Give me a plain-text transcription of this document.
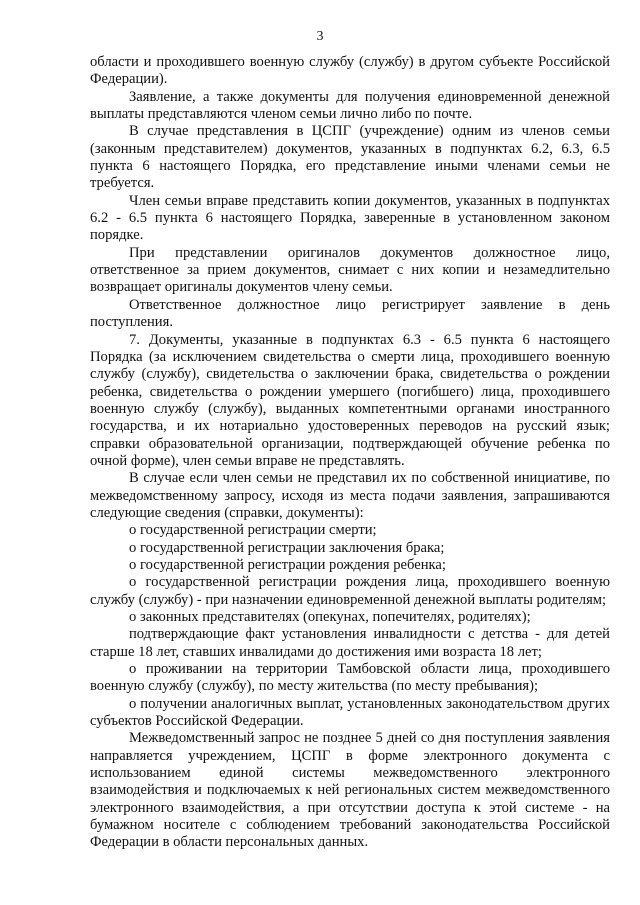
3

области и проходившего военную службу (службу) в другом субъекте Российской Федерации).

Заявление, а также документы для получения единовременной денежной выплаты представляются членом семьи лично либо по почте.

В случае представления в ЦСПГ (учреждение) одним из членов семьи (законным представителем) документов, указанных в подпунктах 6.2, 6.3, 6.5 пункта 6 настоящего Порядка, его представление иными членами семьи не требуется.

Член семьи вправе представить копии документов, указанных в подпунктах 6.2 - 6.5 пункта 6 настоящего Порядка, заверенные в установленном законом порядке.

При представлении оригиналов документов должностное лицо, ответственное за прием документов, снимает с них копии и незамедлительно возвращает оригиналы документов члену семьи.

Ответственное должностное лицо регистрирует заявление в день поступления.

7. Документы, указанные в подпунктах 6.3 - 6.5 пункта 6 настоящего Порядка (за исключением свидетельства о смерти лица, проходившего военную службу (службу), свидетельства о заключении брака, свидетельства о рождении ребенка, свидетельства о рождении умершего (погибшего) лица, проходившего военную службу (службу), выданных компетентными органами иностранного государства, и их нотариально удостоверенных переводов на русский язык; справки образовательной организации, подтверждающей обучение ребенка по очной форме), член семьи вправе не представлять.

В случае если член семьи не представил их по собственной инициативе, по межведомственному запросу, исходя из места подачи заявления, запрашиваются следующие сведения (справки, документы):

о государственной регистрации смерти;

о государственной регистрации заключения брака;

о государственной регистрации рождения ребенка;

о государственной регистрации рождения лица, проходившего военную службу (службу) - при назначении единовременной денежной выплаты родителям;

о законных представителях (опекунах, попечителях, родителях);

подтверждающие факт установления инвалидности с детства - для детей старше 18 лет, ставших инвалидами до достижения ими возраста 18 лет;

о проживании на территории Тамбовской области лица, проходившего военную службу (службу), по месту жительства (по месту пребывания);

о получении аналогичных выплат, установленных законодательством других субъектов Российской Федерации.

Межведомственный запрос не позднее 5 дней со дня поступления заявления направляется учреждением, ЦСПГ в форме электронного документа с использованием единой системы межведомственного электронного взаимодействия и подключаемых к ней региональных систем межведомственного электронного взаимодействия, а при отсутствии доступа к этой системе - на бумажном носителе с соблюдением требований законодательства Российской Федерации в области персональных данных.
